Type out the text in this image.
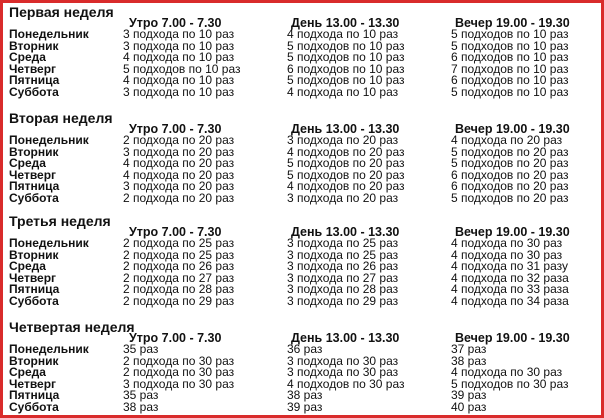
Первая неделя
Утро 7.00 - 7.30	День 13.00 - 13.30	Вечер 19.00 - 19.30
Понедельник	3 подхода по 10 раз	4 подхода по 10 раз	5 подходов по 10 раз
Вторник	3 подхода по 10 раз	5 подходов по 10 раз	5 подходов по 10 раз
Среда	4 подхода по 10 раз	5 подходов по 10 раз	6 подходов по 10 раз
Четверг	5 подходов по 10 раз	6 подходов по 10 раз	7 подходов по 10 раз
Пятница	4 подхода по 10 раз	5 подходов по 10 раз	6 подходов по 10 раз
Суббота	3 подхода по 10 раз	4 подхода по 10 раз	5 подходов по 10 раз
Вторая неделя
Утро 7.00 - 7.30	День 13.00 - 13.30	Вечер 19.00 - 19.30
Понедельник	2 подхода по 20 раз	3 подхода по 20 раз	4 подхода по 20 раз
Вторник	3 подхода по 20 раз	4 подходов по 20 раз	5 подходов по 20 раз
Среда	4 подхода по 20 раз	5 подходов по 20 раз	5 подходов по 20 раз
Четверг	4 подхода по 20 раз	5 подходов по 20 раз	6 подходов по 20 раз
Пятница	3 подхода по 20 раз	4 подходов по 20 раз	6 подходов по 20 раз
Суббота	2 подхода по 20 раз	3 подхода по 20 раз	5 подходов по 20 раз
Третья неделя
Утро 7.00 - 7.30	День 13.00 - 13.30	Вечер 19.00 - 19.30
Понедельник	2 подхода по 25 раз	3 подхода по 25 раз	4 подхода по 30 раз
Вторник	2 подхода по 25 раз	3 подхода по 25 раз	4 подхода по 30 раз
Среда	2 подхода по 26 раз	3 подхода по 26 раз	4 подхода по 31 разу
Четверг	2 подхода по 27 раз	3 подхода по 27 раз	4 подхода по 32 раза
Пятница	2 подхода по 28 раз	3 подхода по 28 раз	4 подхода по 33 раза
Суббота	2 подхода по 29 раз	3 подхода по 29 раз	4 подхода по 34 раза
Четвертая неделя
Утро 7.00 - 7.30	День 13.00 - 13.30	Вечер 19.00 - 19.30
Понедельник	35 раз	36 раз	37 раз
Вторник	2 подхода по 30 раз	3 подхода по 30 раз	38 раз
Среда	2 подхода по 30 раз	3 подхода по 30 раз	4 подхода по 30 раз
Четверг	3 подхода по 30 раз	4 подходов по 30 раз	5 подходов по 30 раз
Пятница	35 раз	38 раз	39 раз
Суббота	38 раз	39 раз	40 раз
